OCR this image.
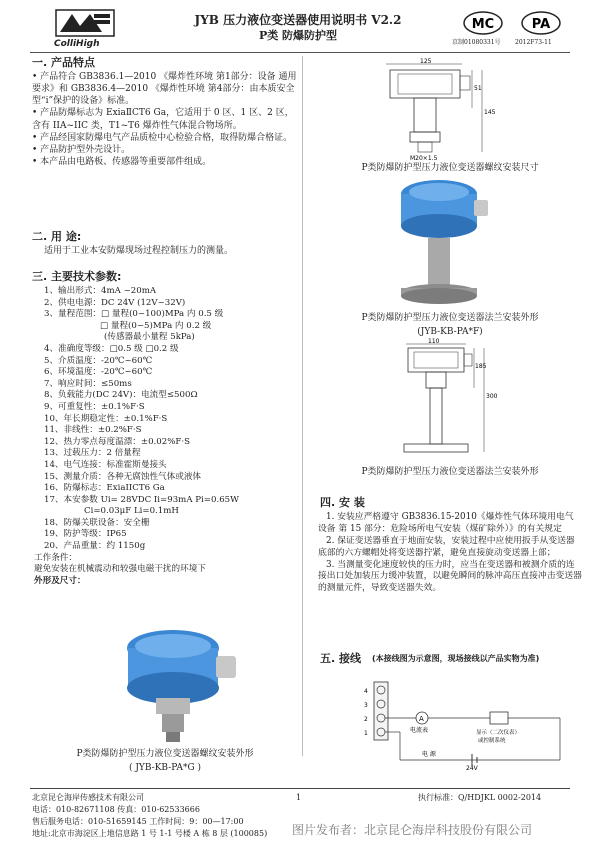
ColliHigh
JYB 压力液位变送器使用说明书 V2.2
P类 防爆防护型
MC	PA
京制01080331号 2012F73-11
一. 产品特点

• 产品符合 GB3836.1—2010 《爆炸性环境 第1部分：设备 通用要求》和 GB3836.4—2010 《爆炸性环境 第4部分：由本质安全型“i”保护的设备》标准。

• 产品防爆标志为 ExiaⅡCT6 Ga，它适用于 0 区、1 区、2 区，含有 IIA~IIC 类，T1~T6 爆炸性气体混合物场所。

• 产品经国家防爆电气产品质检中心检验合格，取得防爆合格证。

• 产品防护型外壳设计。

• 本产品由电路板、传感器等重要部件组成。

二. 用 途:
适用于工业本安防爆现场过程控制压力的测量。
三. 主要技术参数:
1、输出形式：4mA ~20mA
2、供电电源：DC 24V (12V~32V)
3、量程范围：□ 量程(0~100)MPa 内 0.5 级
□ 量程(0~5)MPa 内 0.2 级
(传感器最小量程 5kPa)
4、准确度等级：□0.5 级 □0.2 级
5、介质温度：-20℃~60℃
6、环境温度：-20℃~60℃
7、响应时间：≤50ms
8、负载能力(DC 24V)：电流型≤500Ω
9、可重复性：±0.1%F·S
10、年长期稳定性：±0.1%F·S
11、非线性：±0.2%F·S
12、热力零点每度温漂：±0.02%F·S
13、过载压力：2 倍量程
14、电气连接：标准霍斯曼接头
15、测量介质：各种无腐蚀性气体或液体
16、防爆标志：ExiaIICT6 Ga
17、本安参数 Ui= 28VDC Ii=93mA Pi=0.65W
Ci=0.03μF Li=0.1mH
18、防爆关联设备：安全栅
19、防护等级：IP65
20、产品重量：约 1150g
工作条件：
避免安装在机械震动和较强电磁干扰的环境下
外形及尺寸：
P类防爆防护型压力液位变送器螺纹安装外形
( JYB-KB-PA*G )
125
51
145
M20×1.5
P类防爆防护型压力液位变送器螺纹安装尺寸
P类防爆防护型压力液位变送器法兰安装外形
(JYB-KB-PA*F)
110
300
185
P类防爆防护型压力液位变送器法兰安装外形
四. 安 装

1. 安装应严格遵守 GB3836.15-2010《爆炸性气体环境用电气设备 第 15 部分：危险场所电气安装（煤矿除外）》的有关规定

2. 保证变送器垂直于地面安装，安装过程中应使用扳手从变送器底部的六方螺帽处将变送器拧紧，避免直接旋动变送器上部；

3. 当测量变化速度较快的压力时，应当在变送器和被测介质的连接出口处加装压力缓冲装置，以避免瞬间的脉冲高压直接冲击变送器的测量元件，导致变送器失效。

五. 接线 (本接线图为示意图，现场接线以产品实物为准)
4
3
2
1
A
电流表	显示（二次仪表）
或控制系统
电 源
24V
北京昆仑海岸传感技术有限公司	1	执行标准：Q/HDJKL 0002-2014
电话：010-82671108 传真：010-62533666
售后服务电话：010-51659145 工作时间：9：00—17:00
地址:北京市海淀区上地信息路 1 号 1-1 号楼 A 栋 8 层 (100085) 图片发布者：北京昆仑海岸科技股份有限公司
